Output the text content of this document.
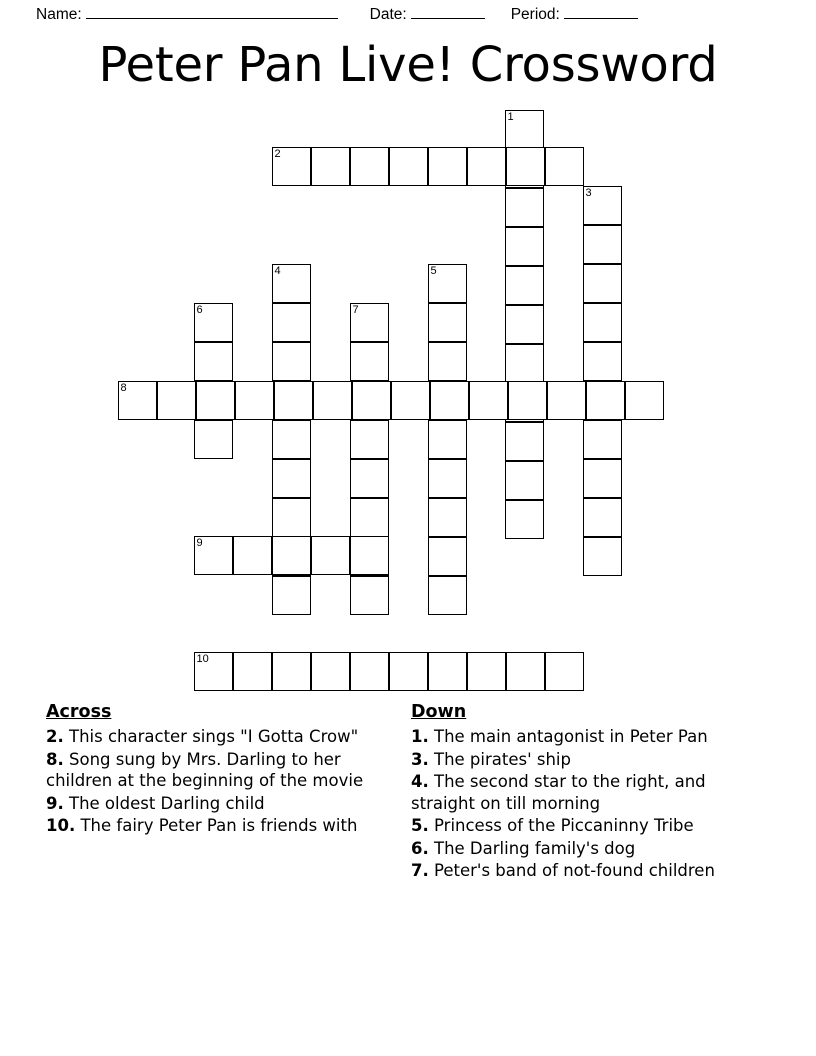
Name:	Date:	Period:
Peter Pan Live! Crossword
1
2
3
4	5
6	7
8
9
10
Across

2. This character sings "I Gotta Crow"

8. Song sung by Mrs. Darling to her children at the beginning of the movie

9. The oldest Darling child

10. The fairy Peter Pan is friends with

Down

1. The main antagonist in Peter Pan

3. The pirates' ship

4. The second star to the right, and straight on till morning

5. Princess of the Piccaninny Tribe

6. The Darling family's dog

7. Peter's band of not-found children
